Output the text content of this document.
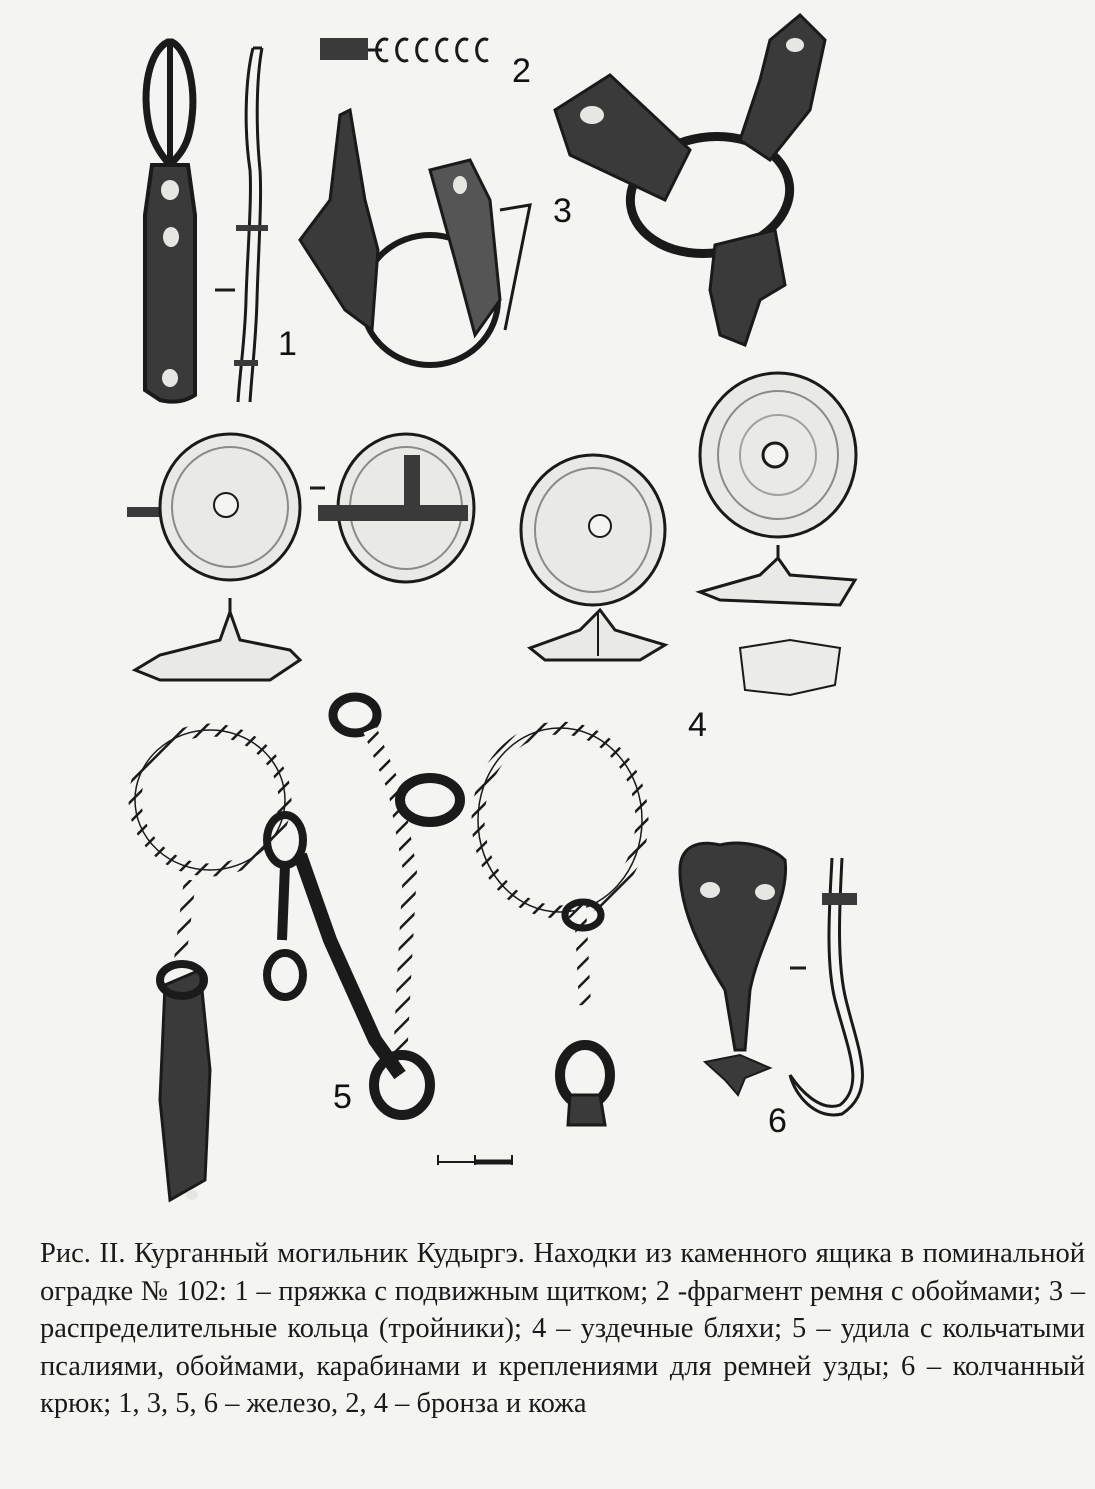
1
2
3
4
5
6

Рис. II. Курганный могильник Кудыргэ. Находки из каменного ящика в поминальной оградке № 102: 1 – пряжка с подвижным щитком; 2 -фрагмент ремня с обоймами; 3 – распределительные кольца (тройники); 4 – уздечные бляхи; 5 – удила с кольчатыми псалиями, обоймами, карабинами и креплениями для ремней узды; 6 – колчанный крюк; 1, 3, 5, 6 – железо, 2, 4 – бронза и кожа
